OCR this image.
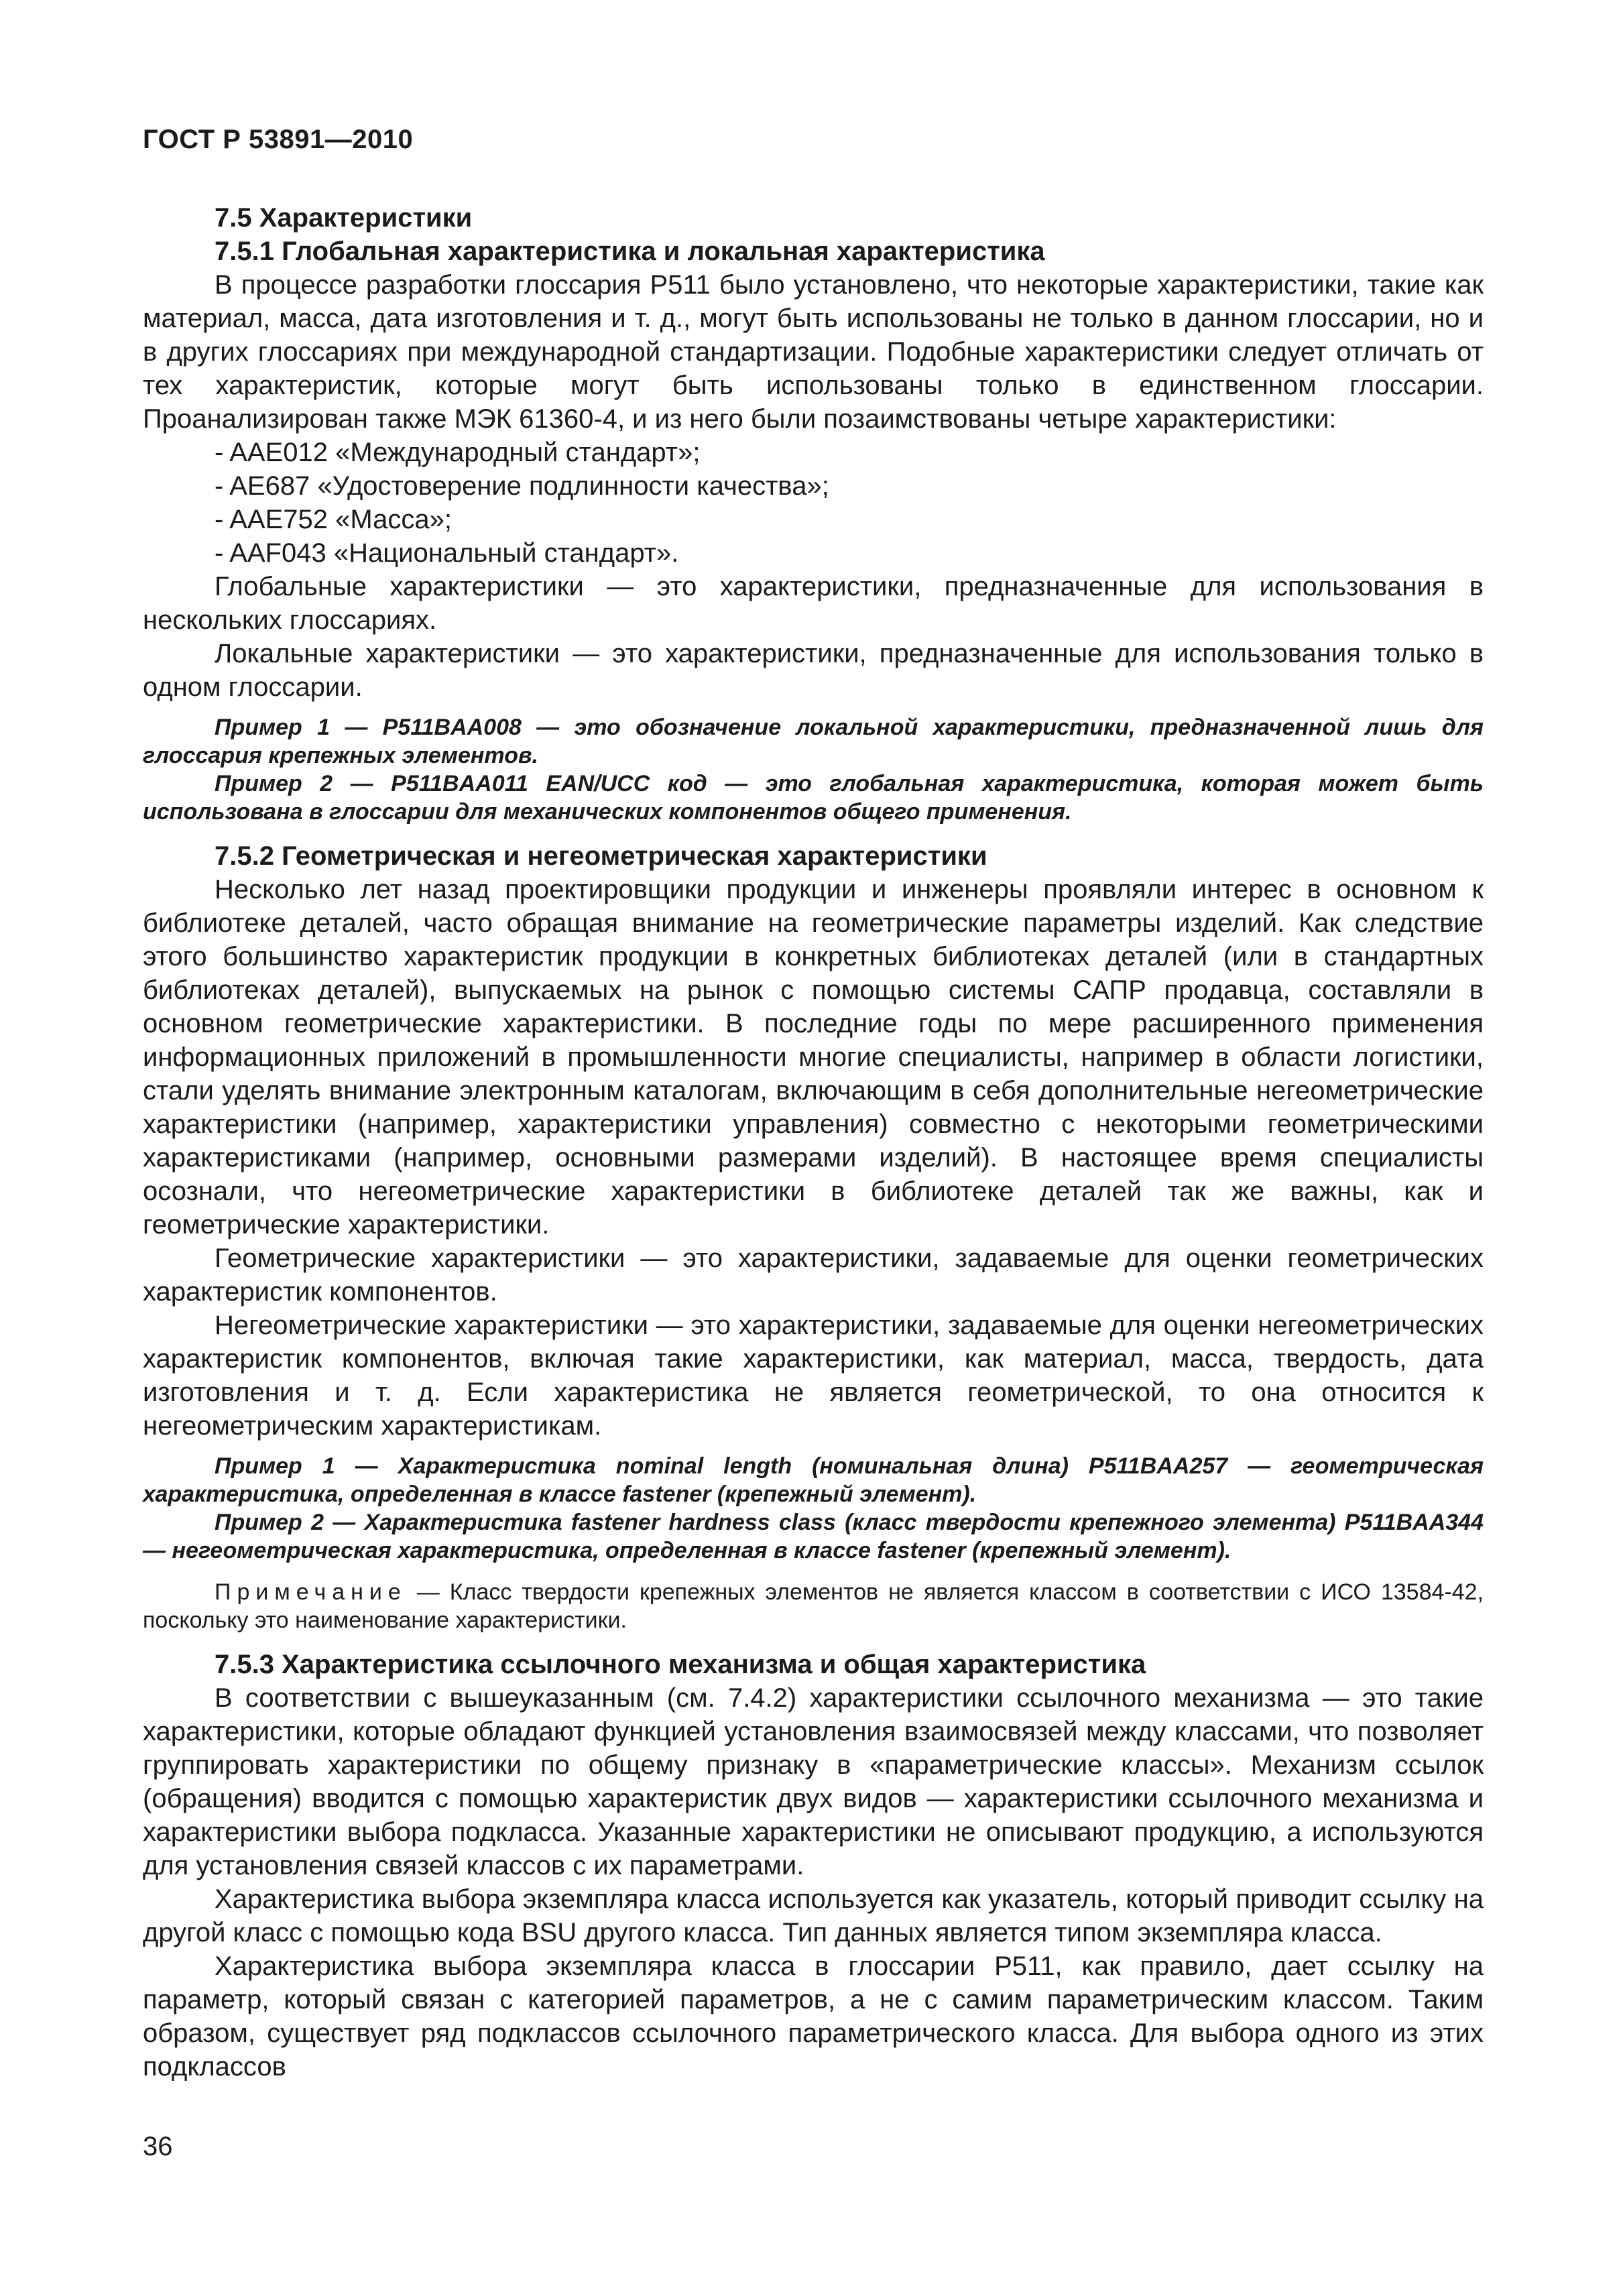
ГОСТ Р 53891—2010

7.5 Характеристики

7.5.1 Глобальная характеристика и локальная характеристика

В процессе разработки глоссария Р511 было установлено, что некоторые характеристики, такие как материал, масса, дата изготовления и т. д., могут быть использованы не только в данном глоссарии, но и в других глоссариях при международной стандартизации. Подобные характеристики следует отличать от тех характеристик, которые могут быть использованы только в единственном глоссарии. Проанализирован также МЭК 61360-4, и из него были позаимствованы четыре характеристики:

- AAE012 «Международный стандарт»;

- AE687 «Удостоверение подлинности качества»;

- AAE752 «Масса»;

- AAF043 «Национальный стандарт».

Глобальные характеристики — это характеристики, предназначенные для использования в нескольких глоссариях.

Локальные характеристики — это характеристики, предназначенные для использования только в одном глоссарии.

Пример 1 — P511BAA008 — это обозначение локальной характеристики, предназначенной лишь для глоссария крепежных элементов.

Пример 2 — P511BAA011 EAN/UCC код — это глобальная характеристика, которая может быть использована в глоссарии для механических компонентов общего применения.

7.5.2 Геометрическая и негеометрическая характеристики

Несколько лет назад проектировщики продукции и инженеры проявляли интерес в основном к библиотеке деталей, часто обращая внимание на геометрические параметры изделий. Как следствие этого большинство характеристик продукции в конкретных библиотеках деталей (или в стандартных библиотеках деталей), выпускаемых на рынок с помощью системы САПР продавца, составляли в основном геометрические характеристики. В последние годы по мере расширенного применения информационных приложений в промышленности многие специалисты, например в области логистики, стали уделять внимание электронным каталогам, включающим в себя дополнительные негеометрические характеристики (например, характеристики управления) совместно с некоторыми геометрическими характеристиками (например, основными размерами изделий). В настоящее время специалисты осознали, что негеометрические характеристики в библиотеке деталей так же важны, как и геометрические характеристики.

Геометрические характеристики — это характеристики, задаваемые для оценки геометрических характеристик компонентов.

Негеометрические характеристики — это характеристики, задаваемые для оценки негеометрических характеристик компонентов, включая такие характеристики, как материал, масса, твердость, дата изготовления и т. д. Если характеристика не является геометрической, то она относится к негеометрическим характеристикам.

Пример 1 — Характеристика nominal length (номинальная длина) P511BAA257 — геометрическая характеристика, определенная в классе fastener (крепежный элемент).

Пример 2 — Характеристика fastener hardness class (класс твердости крепежного элемента) P511BAA344 — негеометрическая характеристика, определенная в классе fastener (крепежный элемент).

Примечание — Класс твердости крепежных элементов не является классом в соответствии с ИСО 13584-42, поскольку это наименование характеристики.

7.5.3 Характеристика ссылочного механизма и общая характеристика

В соответствии с вышеуказанным (см. 7.4.2) характеристики ссылочного механизма — это такие характеристики, которые обладают функцией установления взаимосвязей между классами, что позволяет группировать характеристики по общему признаку в «параметрические классы». Механизм ссылок (обращения) вводится с помощью характеристик двух видов — характеристики ссылочного механизма и характеристики выбора подкласса. Указанные характеристики не описывают продукцию, а используются для установления связей классов с их параметрами.

Характеристика выбора экземпляра класса используется как указатель, который приводит ссылку на другой класс с помощью кода BSU другого класса. Тип данных является типом экземпляра класса.

Характеристика выбора экземпляра класса в глоссарии Р511, как правило, дает ссылку на параметр, который связан с категорией параметров, а не с самим параметрическим классом. Таким образом, существует ряд подклассов ссылочного параметрического класса. Для выбора одного из этих подклассов

36
